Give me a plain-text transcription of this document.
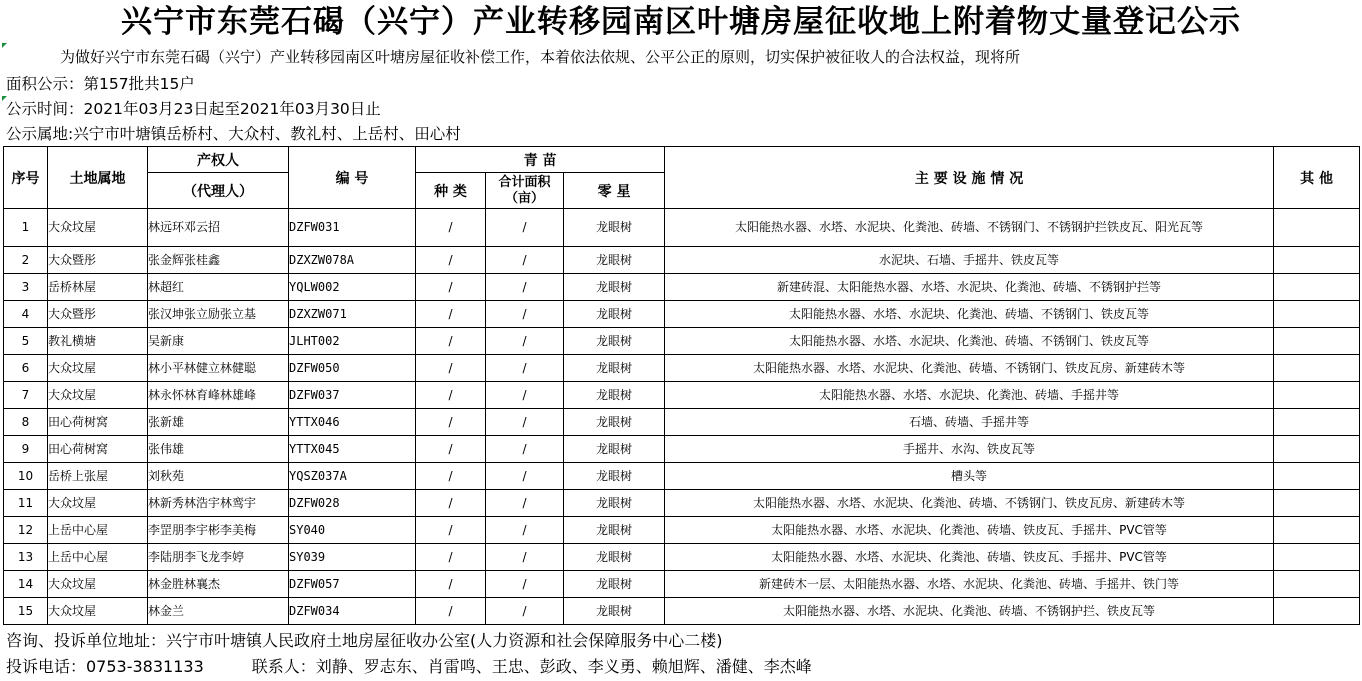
兴宁市东莞石碣（兴宁）产业转移园南区叶塘房屋征收地上附着物丈量登记公示
为做好兴宁市东莞石碣（兴宁）产业转移园南区叶塘房屋征收补偿工作，本着依法依规、公平公正的原则，切实保护被征收人的合法权益，现将所
面积公示：第157批共15户
公示时间：2021年03月23日起至2021年03月30日止
公示属地:兴宁市叶塘镇岳桥村、大众村、教礼村、上岳村、田心村
序号	土地属地	产权人	编 号	青 苗			主 要 设 施 情 况	其 他
		（代理人）		种 类	合计面积
（亩）	零 星		
1	大众坟屋	林远环邓云招	DZFW031	/	/	龙眼树	太阳能热水器、水塔、水泥块、化粪池、砖墙、不锈钢门、不锈钢护拦铁皮瓦、阳光瓦等	
2	大众暨彤	张金辉张桂鑫	DZXZW078A	/	/	龙眼树	水泥块、石墙、手摇井、铁皮瓦等	
3	岳桥林屋	林超红	YQLW002	/	/	龙眼树	新建砖混、太阳能热水器、水塔、水泥块、化粪池、砖墙、不锈钢护拦等	
4	大众暨彤	张汉坤张立励张立基	DZXZW071	/	/	龙眼树	太阳能热水器、水塔、水泥块、化粪池、砖墙、不锈钢门、铁皮瓦等	
5	教礼横塘	吴新康	JLHT002	/	/	龙眼树	太阳能热水器、水塔、水泥块、化粪池、砖墙、不锈钢门、铁皮瓦等	
6	大众坟屋	林小平林健立林健聪	DZFW050	/	/	龙眼树	太阳能热水器、水塔、水泥块、化粪池、砖墙、不锈钢门、铁皮瓦房、新建砖木等	
7	大众坟屋	林永怀林育峰林雄峰	DZFW037	/	/	龙眼树	太阳能热水器、水塔、水泥块、化粪池、砖墙、手摇井等	
8	田心荷树窝	张新雄	YTTX046	/	/	龙眼树	石墙、砖墙、手摇井等	
9	田心荷树窝	张伟雄	YTTX045	/	/	龙眼树	手摇井、水沟、铁皮瓦等	
10	岳桥上张屋	刘秋苑	YQSZ037A	/	/	龙眼树	槽头等	
11	大众坟屋	林新秀林浩宇林鸾宇	DZFW028	/	/	龙眼树	太阳能热水器、水塔、水泥块、化粪池、砖墙、不锈钢门、铁皮瓦房、新建砖木等	
12	上岳中心屋	李罡朋李宇彬李美梅	SY040	/	/	龙眼树	太阳能热水器、水塔、水泥块、化粪池、砖墙、铁皮瓦、手摇井、PVC管等	
13	上岳中心屋	李陆朋李飞龙李婷	SY039	/	/	龙眼树	太阳能热水器、水塔、水泥块、化粪池、砖墙、铁皮瓦、手摇井、PVC管等	
14	大众坟屋	林金胜林襄杰	DZFW057	/	/	龙眼树	新建砖木一层、太阳能热水器、水塔、水泥块、化粪池、砖墙、手摇井、铁门等	
15	大众坟屋	林金兰	DZFW034	/	/	龙眼树	太阳能热水器、水塔、水泥块、化粪池、砖墙、不锈钢护拦、铁皮瓦等	
咨询、投诉单位地址：兴宁市叶塘镇人民政府土地房屋征收办公室(人力资源和社会保障服务中心二楼)
投诉电话：0753-3831133	联系人：刘静、罗志东、肖雷鸣、王忠、彭政、李义勇、赖旭辉、潘健、李杰峰
